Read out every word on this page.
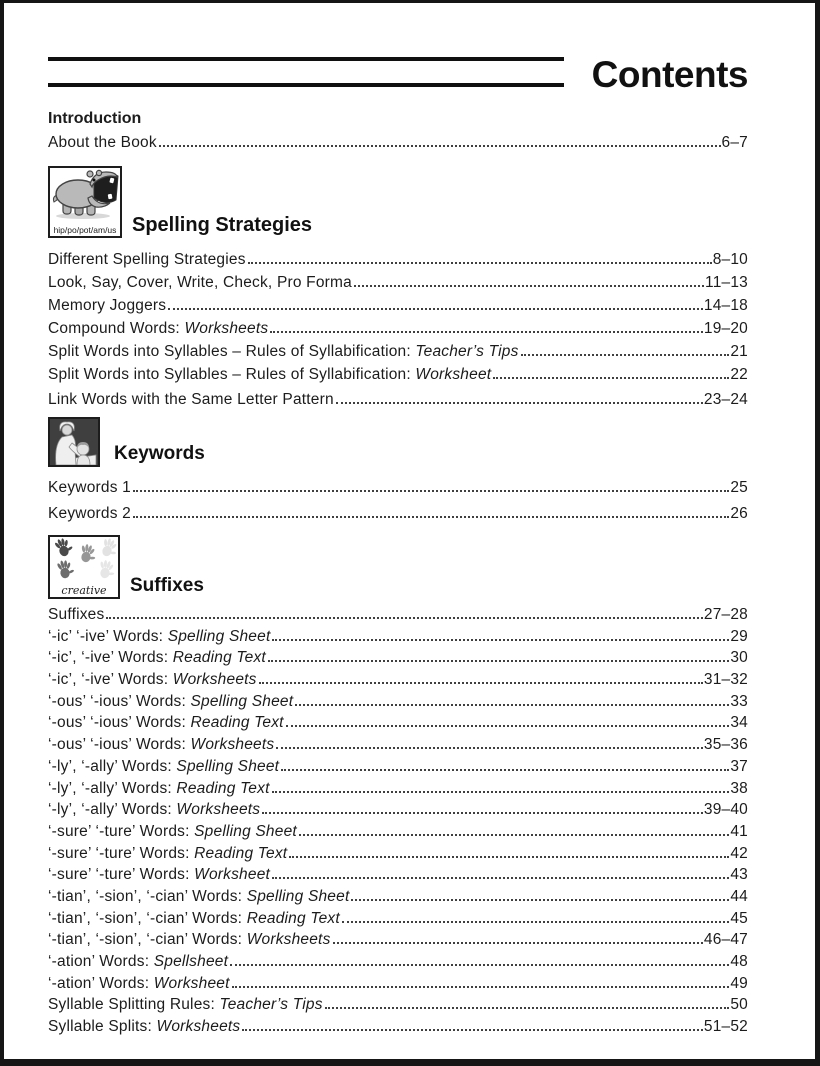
Contents
Introduction
About the Book	6–7
hip/po/pot/am/us Spelling Strategies
Different Spelling Strategies	8–10
Look, Say, Cover, Write, Check, Pro Forma	11–13
Memory Joggers	14–18
Compound Words: Worksheets	19–20
Split Words into Syllables – Rules of Syllabification: Teacher’s Tips	21
Split Words into Syllables – Rules of Syllabification: Worksheet	22
Link Words with the Same Letter Pattern	23–24
Keywords
Keywords 1	25
Keywords 2	26
creative	Suffixes
Suffixes	27–28
‘-ic’ ‘-ive’ Words: Spelling Sheet	29
‘-ic’, ‘-ive’ Words: Reading Text	30
‘-ic’, ‘-ive’ Words: Worksheets	31–32
‘-ous’ ‘-ious’ Words: Spelling Sheet	33
‘-ous’ ‘-ious’ Words: Reading Text	34
‘-ous’ ‘-ious’ Words: Worksheets	35–36
‘-ly’, ‘-ally’ Words: Spelling Sheet	37
‘-ly’, ‘-ally’ Words: Reading Text	38
‘-ly’, ‘-ally’ Words: Worksheets	39–40
‘-sure’ ‘-ture’ Words: Spelling Sheet	41
‘-sure’ ‘-ture’ Words: Reading Text	42
‘-sure’ ‘-ture’ Words: Worksheet	43
‘-tian’, ‘-sion’, ‘-cian’ Words: Spelling Sheet	44
‘-tian’, ‘-sion’, ‘-cian’ Words: Reading Text	45
‘-tian’, ‘-sion’, ‘-cian’ Words: Worksheets	46–47
‘-ation’ Words: Spellsheet	48
‘-ation’ Words: Worksheet	49
Syllable Splitting Rules: Teacher’s Tips	50
Syllable Splits: Worksheets	51–52
